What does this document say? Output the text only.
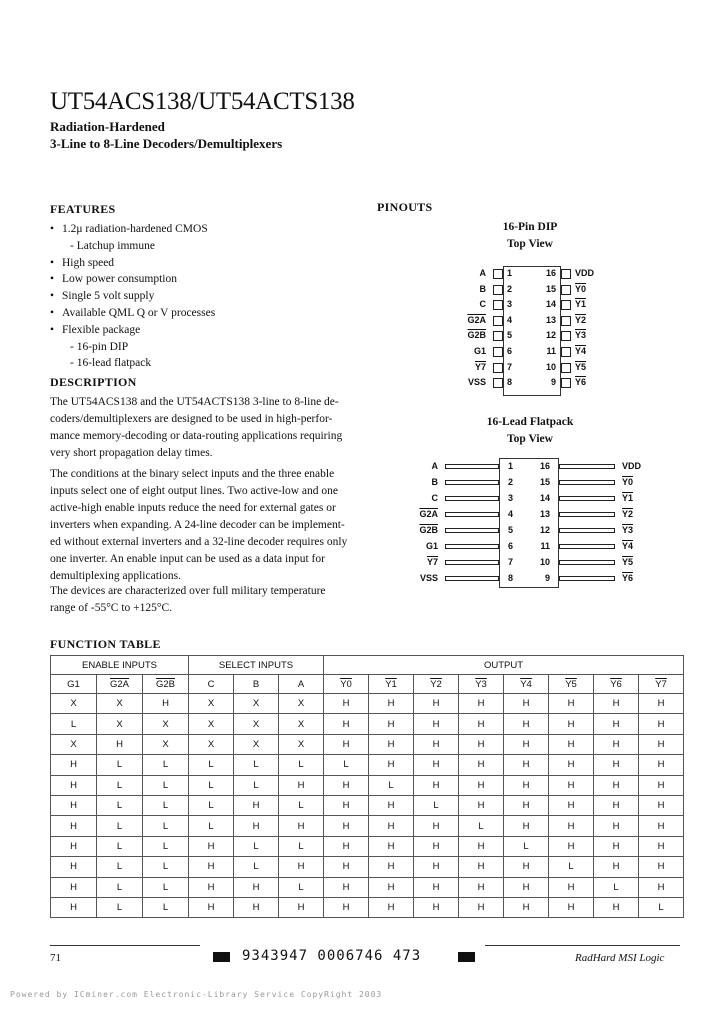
UT54ACS138/UT54ACTS138
Radiation-Hardened
3-Line to 8-Line Decoders/Demultiplexers
FEATURES
• 1.2μ radiation-hardened CMOS
- Latchup immune
• High speed
• Low power consumption
• Single 5 volt supply
• Available QML Q or V processes
• Flexible package
- 16-pin DIP
- 16-lead flatpack
DESCRIPTION
The UT54ACS138 and the UT54ACTS138 3-line to 8-line de-
coders/demultiplexers are designed to be used in high-perfor-
mance memory-decoding or data-routing applications requiring
very short propagation delay times.
The conditions at the binary select inputs and the three enable
inputs select one of eight output lines. Two active-low and one
active-high enable inputs reduce the need for external gates or
inverters when expanding. A 24-line decoder can be implement-
ed without external inverters and a 32-line decoder requires only
one inverter. An enable input can be used as a data input for
demultiplexing applications.
The devices are characterized over full military temperature
range of -55°C to +125°C.
PINOUTS
16-Pin DIP
Top View
A 1
B 2
C 3
G2A 4
G2B 5
G1 6
Y7 7
VSS 8
16 VDD
15 Y0
14 Y1
13 Y2
12 Y3
11 Y4
10 Y5
9 Y6
16-Lead Flatpack
Top View
A	1
B	2
C	3
G2A	4
G2B	5
G1	6
Y7	7
VSS	8
16	VDD
15	Y0
14	Y1
13	Y2
12	Y3
11	Y4
10	Y5
9	Y6
FUNCTION TABLE
ENABLE INPUTS			SELECT INPUTS			OUTPUT							
G1	G2A	G2B	C	B	A	Y0	Y1	Y2	Y3	Y4	Y5	Y6	Y7
X	X	H	X	X	X	H	H	H	H	H	H	H	H
L	X	X	X	X	X	H	H	H	H	H	H	H	H
X	H	X	X	X	X	H	H	H	H	H	H	H	H
H	L	L	L	L	L	L	H	H	H	H	H	H	H
H	L	L	L	L	H	H	L	H	H	H	H	H	H
H	L	L	L	H	L	H	H	L	H	H	H	H	H
H	L	L	L	H	H	H	H	H	L	H	H	H	H
H	L	L	H	L	L	H	H	H	H	L	H	H	H
H	L	L	H	L	H	H	H	H	H	H	L	H	H
H	L	L	H	H	L	H	H	H	H	H	H	L	H
H	L	L	H	H	H	H	H	H	H	H	H	H	L
71	9343947 0006746 473	RadHard MSI Logic
Powered by ICminer.com Electronic-Library Service CopyRight 2003
